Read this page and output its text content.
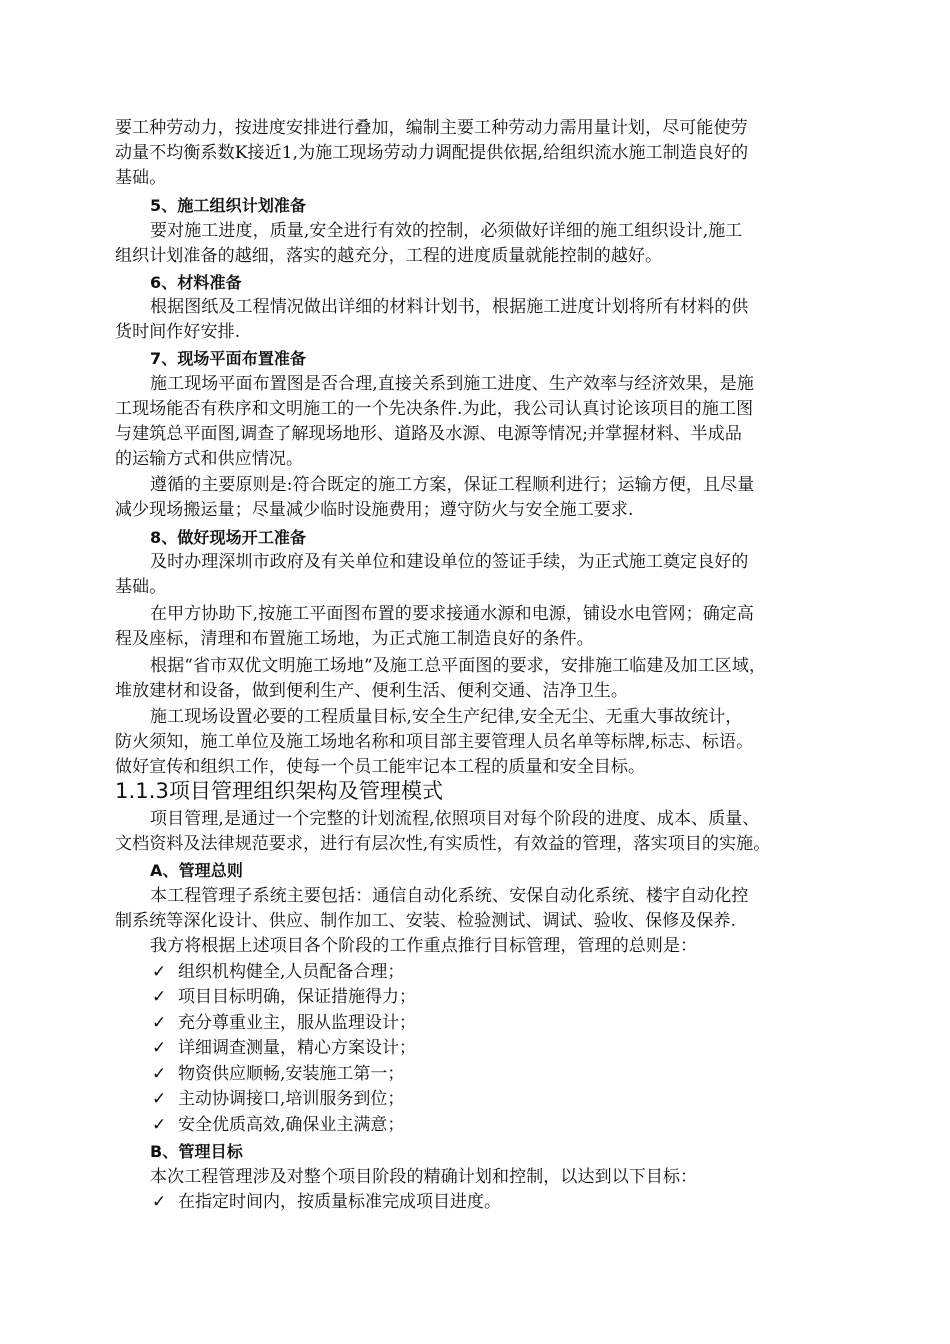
要工种劳动力，按进度安排进行叠加，编制主要工种劳动力需用量计划，尽可能使劳
动量不均衡系数K接近1,为施工现场劳动力调配提供依据,给组织流水施工制造良好的
基础。
5、施工组织计划准备
要对施工进度，质量,安全进行有效的控制，必须做好详细的施工组织设计,施工
组织计划准备的越细，落实的越充分，工程的进度质量就能控制的越好。
6、材料准备
根据图纸及工程情况做出详细的材料计划书，根据施工进度计划将所有材料的供
货时间作好安排.
7、现场平面布置准备
施工现场平面布置图是否合理,直接关系到施工进度、生产效率与经济效果，是施
工现场能否有秩序和文明施工的一个先决条件.为此，我公司认真讨论该项目的施工图
与建筑总平面图,调查了解现场地形、道路及水源、电源等情况;并掌握材料、半成品
的运输方式和供应情况。
遵循的主要原则是:符合既定的施工方案，保证工程顺利进行；运输方便，且尽量
减少现场搬运量；尽量减少临时设施费用；遵守防火与安全施工要求.
8、做好现场开工准备
及时办理深圳市政府及有关单位和建设单位的签证手续，为正式施工奠定良好的
基础。
在甲方协助下,按施工平面图布置的要求接通水源和电源，铺设水电管网；确定高
程及座标，清理和布置施工场地，为正式施工制造良好的条件。
根据“省市双优文明施工场地”及施工总平面图的要求，安排施工临建及加工区域，
堆放建材和设备，做到便利生产、便利生活、便利交通、洁净卫生。
施工现场设置必要的工程质量目标,安全生产纪律,安全无尘、无重大事故统计，
防火须知，施工单位及施工场地名称和项目部主要管理人员名单等标牌,标志、标语。
做好宣传和组织工作，使每一个员工能牢记本工程的质量和安全目标。
1.1.3项目管理组织架构及管理模式
项目管理,是通过一个完整的计划流程,依照项目对每个阶段的进度、成本、质量、
文档资料及法律规范要求，进行有层次性,有实质性，有效益的管理，落实项目的实施。
A、管理总则
本工程管理子系统主要包括：通信自动化系统、安保自动化系统、楼宇自动化控
制系统等深化设计、供应、制作加工、安装、检验测试、调试、验收、保修及保养.
我方将根据上述项目各个阶段的工作重点推行目标管理，管理的总则是：
✓ 组织机构健全,人员配备合理；
✓ 项目目标明确，保证措施得力；
✓ 充分尊重业主，服从监理设计；
✓ 详细调查测量，精心方案设计；
✓ 物资供应顺畅,安装施工第一；
✓ 主动协调接口,培训服务到位；
✓ 安全优质高效,确保业主满意；
B、管理目标
本次工程管理涉及对整个项目阶段的精确计划和控制，以达到以下目标：
✓ 在指定时间内，按质量标准完成项目进度。
